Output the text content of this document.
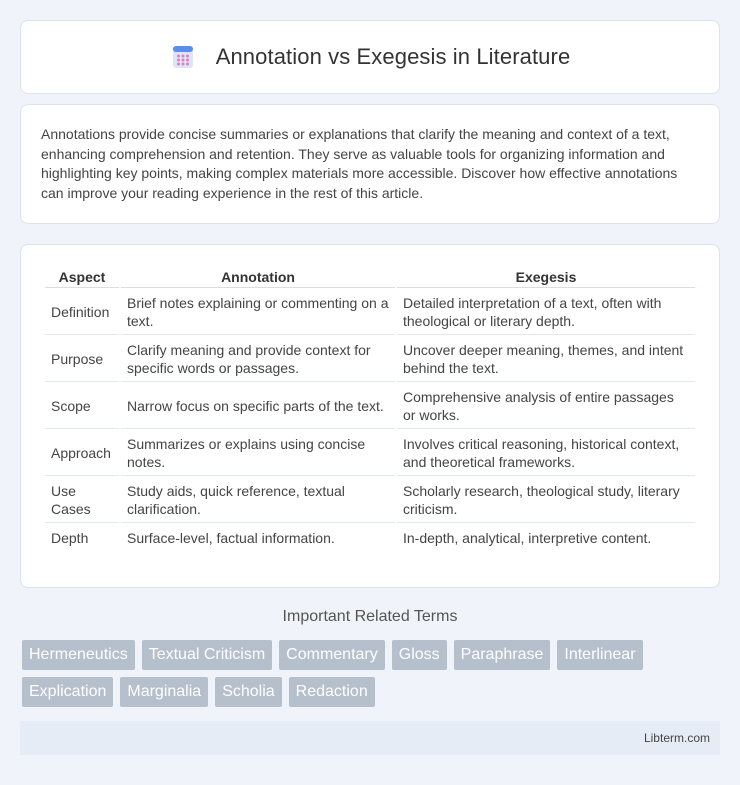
Annotation vs Exegesis in Literature

Annotations provide concise summaries or explanations that clarify the meaning and context of a text, enhancing comprehension and retention. They serve as valuable tools for organizing information and highlighting key points, making complex materials more accessible. Discover how effective annotations can improve your reading experience in the rest of this article.

Aspect	Annotation	Exegesis
Definition	Brief notes explaining or commenting on a text.	Detailed interpretation of a text, often with theological or literary depth.
Purpose	Clarify meaning and provide context for specific words or passages.	Uncover deeper meaning, themes, and intent behind the text.
Scope	Narrow focus on specific parts of the text.	Comprehensive analysis of entire passages or works.
Approach	Summarizes or explains using concise notes.	Involves critical reasoning, historical context, and theoretical frameworks.
Use Cases	Study aids, quick reference, textual clarification.	Scholarly research, theological study, literary criticism.
Depth	Surface-level, factual information.	In-depth, analytical, interpretive content.
Important Related Terms
Hermeneutics	Textual Criticism	Commentary	Gloss	Paraphrase	Interlinear
Explication	Marginalia	Scholia	Redaction
Libterm.com
